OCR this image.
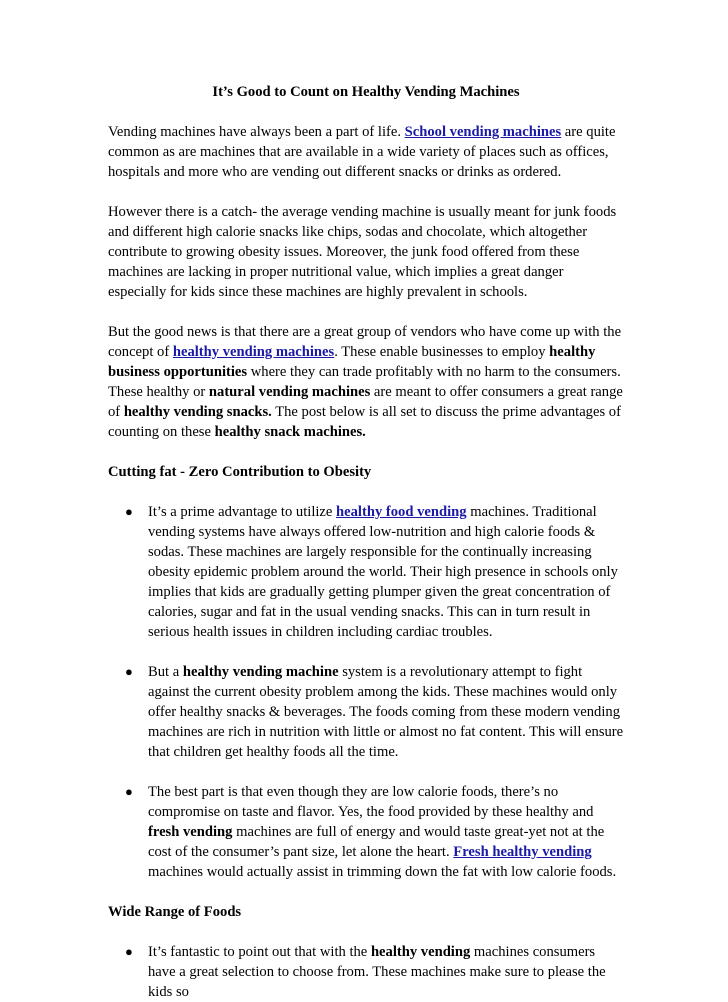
It’s Good to Count on Healthy Vending Machines

Vending machines have always been a part of life. School vending machines are quite common as are machines that are available in a wide variety of places such as offices, hospitals and more who are vending out different snacks or drinks as ordered.

However there is a catch- the average vending machine is usually meant for junk foods and different high calorie snacks like chips, sodas and chocolate, which altogether contribute to growing obesity issues. Moreover, the junk food offered from these machines are lacking in proper nutritional value, which implies a great danger especially for kids since these machines are highly prevalent in schools.

But the good news is that there are a great group of vendors who have come up with the concept of healthy vending machines. These enable businesses to employ healthy business opportunities where they can trade profitably with no harm to the consumers. These healthy or natural vending machines are meant to offer consumers a great range of healthy vending snacks. The post below is all set to discuss the prime advantages of counting on these healthy snack machines.

Cutting fat - Zero Contribution to Obesity
● It’s a prime advantage to utilize healthy food vending machines. Traditional vending systems have always offered low-nutrition and high calorie foods & sodas. These machines are largely responsible for the continually increasing obesity epidemic problem around the world. Their high presence in schools only implies that kids are gradually getting plumper given the great concentration of calories, sugar and fat in the usual vending snacks. This can in turn result in serious health issues in children including cardiac troubles.
● But a healthy vending machine system is a revolutionary attempt to fight against the current obesity problem among the kids. These machines would only offer healthy snacks & beverages. The foods coming from these modern vending machines are rich in nutrition with little or almost no fat content. This will ensure that children get healthy foods all the time.
● The best part is that even though they are low calorie foods, there’s no compromise on taste and flavor. Yes, the food provided by these healthy and fresh vending machines are full of energy and would taste great-yet not at the cost of the consumer’s pant size, let alone the heart. Fresh healthy vending machines would actually assist in trimming down the fat with low calorie foods.
Wide Range of Foods
● It’s fantastic to point out that with the healthy vending machines consumers have a great selection to choose from. These machines make sure to please the kids so
